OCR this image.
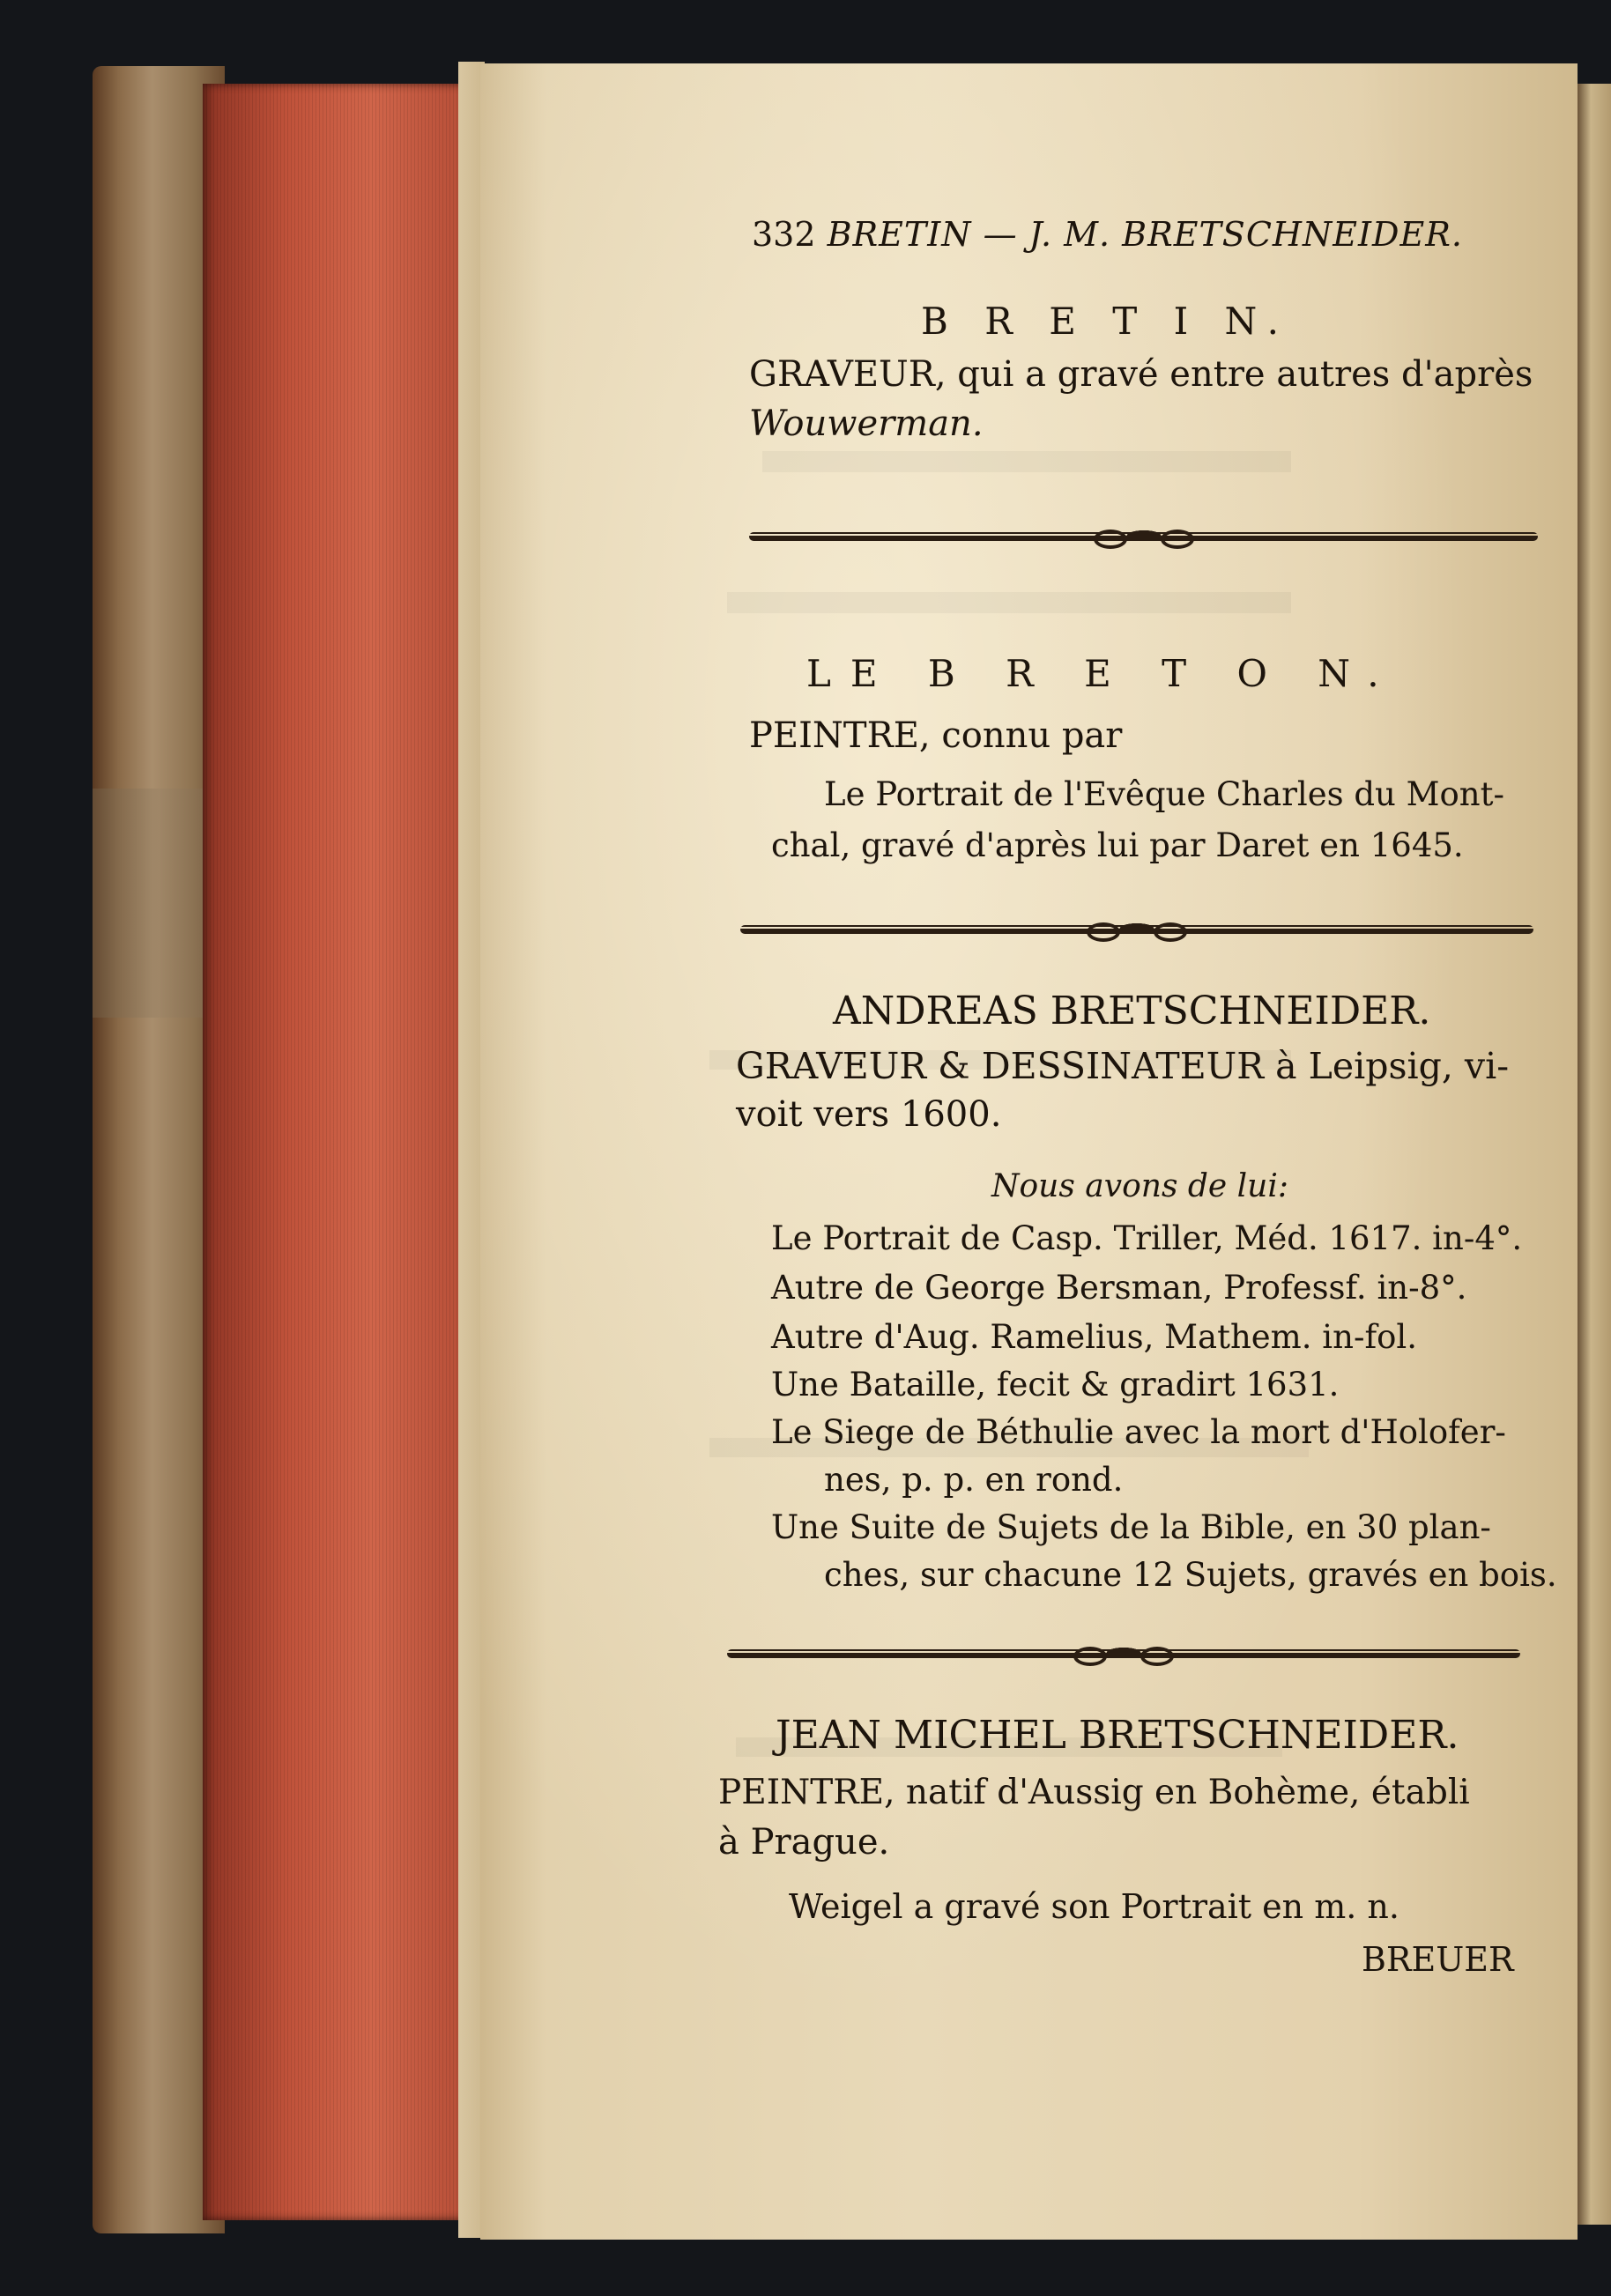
332 BRETIN — J. M. BRETSCHNEIDER.
B R E T I N.
GRAVEUR, qui a gravé entre autres d'après
Wouwerman.
LE B R E T O N.
PEINTRE, connu par
Le Portrait de l'Evêque Charles du Mont-
chal, gravé d'après lui par Daret en 1645.
ANDREAS BRETSCHNEIDER.
GRAVEUR & DESSINATEUR à Leipsig, vi-
voit vers 1600.
Nous avons de lui:
Le Portrait de Casp. Triller, Méd. 1617. in-4°.
Autre de George Bersman, Professf. in-8°.
Autre d'Aug. Ramelius, Mathem. in-fol.
Une Bataille, fecit & gradirt 1631.
Le Siege de Béthulie avec la mort d'Holofer-
nes, p. p. en rond.
Une Suite de Sujets de la Bible, en 30 plan-
ches, sur chacune 12 Sujets, gravés en bois.
JEAN MICHEL BRETSCHNEIDER.
PEINTRE, natif d'Aussig en Bohème, établi
à Prague.
Weigel a gravé son Portrait en m. n.
BREUER
